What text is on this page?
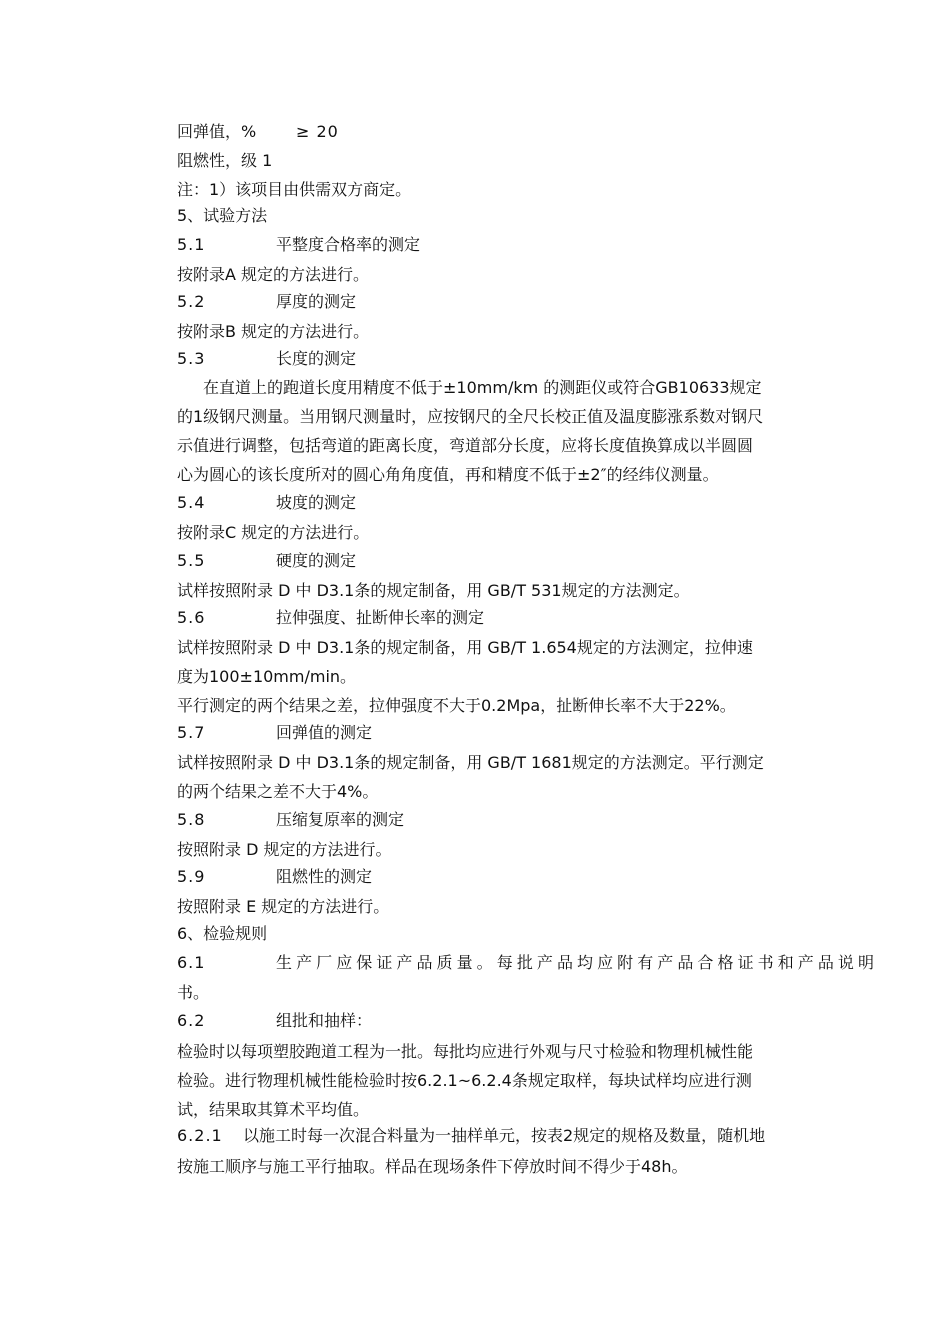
回弹值，% ≥ 20
阻燃性，级 1
注：1）该项目由供需双方商定。
5、试验方法
5.1	平整度合格率的测定
按附录A 规定的方法进行。
5.2	厚度的测定
按附录B 规定的方法进行。
5.3	长度的测定
在直道上的跑道长度用精度不低于±10mm/km 的测距仪或符合GB10633规定
的1级钢尺测量。当用钢尺测量时，应按钢尺的全尺长校正值及温度膨涨系数对钢尺
示值进行调整，包括弯道的距离长度，弯道部分长度，应将长度值换算成以半圆圆
心为圆心的该长度所对的圆心角角度值，再和精度不低于±2″的经纬仪测量。
5.4	坡度的测定
按附录C 规定的方法进行。
5.5	硬度的测定
试样按照附录 D 中 D3.1条的规定制备，用 GB/T 531规定的方法测定。
5.6	拉伸强度、扯断伸长率的测定
试样按照附录 D 中 D3.1条的规定制备，用 GB/T 1.654规定的方法测定，拉伸速
度为100±10mm/min。
平行测定的两个结果之差，拉伸强度不大于0.2Mpa，扯断伸长率不大于22%。
5.7	回弹值的测定
试样按照附录 D 中 D3.1条的规定制备，用 GB/T 1681规定的方法测定。平行测定
的两个结果之差不大于4%。
5.8	压缩复原率的测定
按照附录 D 规定的方法进行。
5.9	阻燃性的测定
按照附录 E 规定的方法进行。
6、检验规则
6.1	生产厂应保证产品质量。每批产品均应附有产品合格证书和产品说明
书。
6.2	组批和抽样：
检验时以每项塑胶跑道工程为一批。每批均应进行外观与尺寸检验和物理机械性能
检验。进行物理机械性能检验时按6.2.1~6.2.4条规定取样，每块试样均应进行测
试，结果取其算术平均值。
6.2.1 以施工时每一次混合料量为一抽样单元，按表2规定的规格及数量，随机地
按施工顺序与施工平行抽取。样品在现场条件下停放时间不得少于48h。
